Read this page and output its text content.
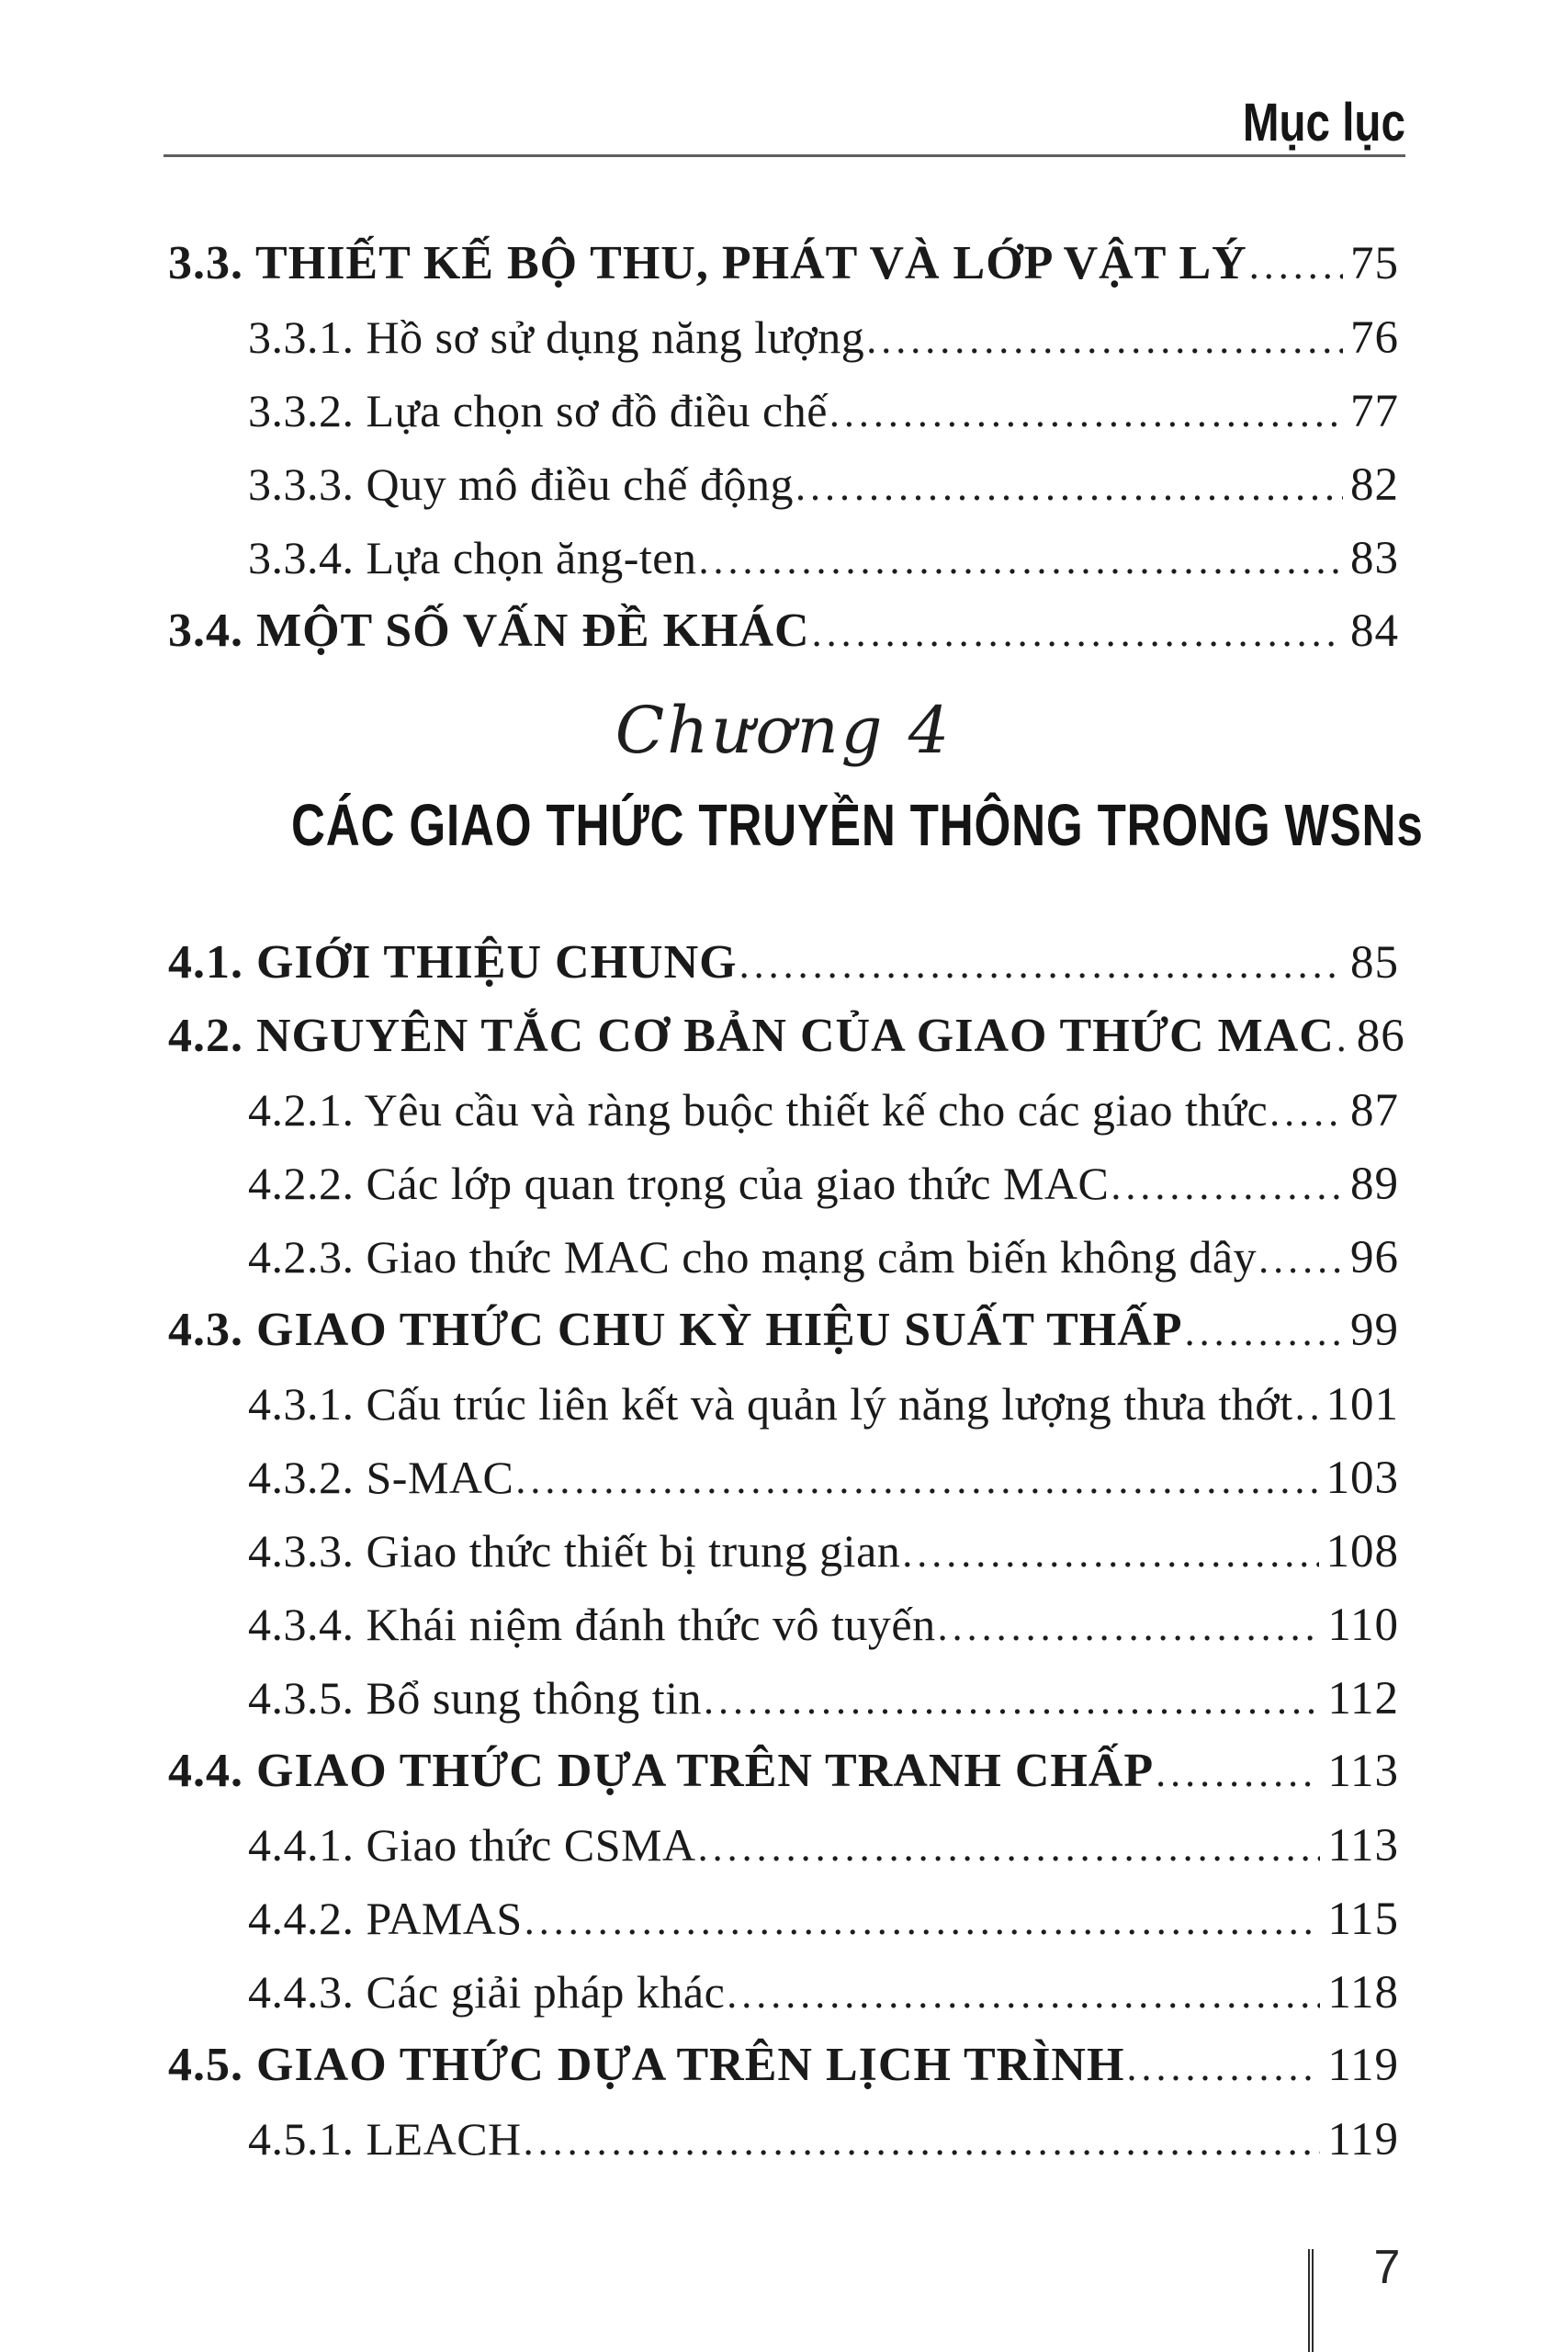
Mục lục
3.3. THIẾT KẾ BỘ THU, PHÁT VÀ LỚP VẬT LÝ ..... 75
3.3.1. Hồ sơ sử dụng năng lượng .....	76
3.3.2. Lựa chọn sơ đồ điều chế .....	77
3.3.3. Quy mô điều chế động .....	82
3.3.4. Lựa chọn ăng-ten .....	83
3.4. MỘT SỐ VẤN ĐỀ KHÁC .....	84
Chương 4
CÁC GIAO THỨC TRUYỀN THÔNG TRONG WSNs
4.1. GIỚI THIỆU CHUNG .....	85
4.2. NGUYÊN TẮC CƠ BẢN CỦA GIAO THỨC MAC ..... 86
4.2.1. Yêu cầu và ràng buộc thiết kế cho các giao thức ..... 87
4.2.2. Các lớp quan trọng của giao thức MAC .....	89
4.2.3. Giao thức MAC cho mạng cảm biến không dây ..... 96
4.3. GIAO THỨC CHU KỲ HIỆU SUẤT THẤP .....	99
4.3.1. Cấu trúc liên kết và quản lý năng lượng thưa thớt ..... 101
4.3.2. S-MAC .....	103
4.3.3. Giao thức thiết bị trung gian .....	108
4.3.4. Khái niệm đánh thức vô tuyến .....	110
4.3.5. Bổ sung thông tin .....	112
4.4. GIAO THỨC DỰA TRÊN TRANH CHẤP .....	113
4.4.1. Giao thức CSMA .....	113
4.4.2. PAMAS .....	115
4.4.3. Các giải pháp khác .....	118
4.5. GIAO THỨC DỰA TRÊN LỊCH TRÌNH .....	119
4.5.1. LEACH .....	119
7
